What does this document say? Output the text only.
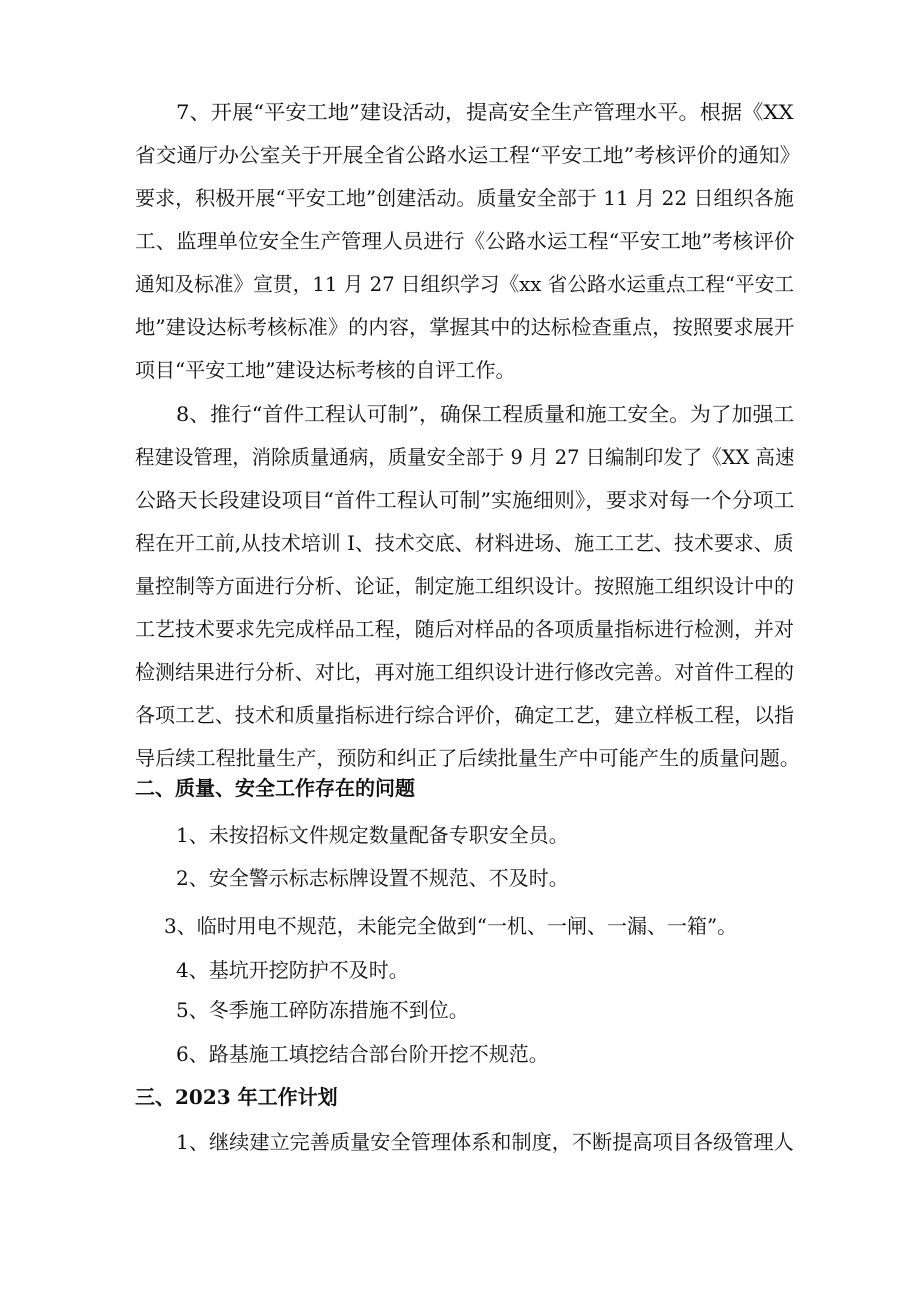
7、开展“平安工地”建设活动，提高安全生产管理水平。根据《XX
省交通厅办公室关于开展全省公路水运工程“平安工地”考核评价的通知》
要求，积极开展“平安工地”创建活动。质量安全部于 11 月 22 日组织各施
工、监理单位安全生产管理人员进行《公路水运工程“平安工地”考核评价
通知及标准》宣贯，11 月 27 日组织学习《xx 省公路水运重点工程“平安工
地”建设达标考核标准》的内容，掌握其中的达标检查重点，按照要求展开
项目“平安工地”建设达标考核的自评工作。
8、推行“首件工程认可制”，确保工程质量和施工安全。为了加强工
程建设管理，消除质量通病，质量安全部于 9 月 27 日编制印发了《XX 高速
公路天长段建设项目“首件工程认可制”实施细则》，要求对每一个分项工
程在开工前,从技术培训 I、技术交底、材料进场、施工工艺、技术要求、质
量控制等方面进行分析、论证，制定施工组织设计。按照施工组织设计中的
工艺技术要求先完成样品工程，随后对样品的各项质量指标进行检测，并对
检测结果进行分析、对比，再对施工组织设计进行修改完善。对首件工程的
各项工艺、技术和质量指标进行综合评价，确定工艺，建立样板工程，以指
导后续工程批量生产，预防和纠正了后续批量生产中可能产生的质量问题。
二、质量、安全工作存在的问题
1、未按招标文件规定数量配备专职安全员。
2、安全警示标志标牌设置不规范、不及时。
3、临时用电不规范，未能完全做到“一机、一闸、一漏、一箱”。
4、基坑开挖防护不及时。
5、冬季施工碎防冻措施不到位。
6、路基施工填挖结合部台阶开挖不规范。
三、2023 年工作计划
1、继续建立完善质量安全管理体系和制度，不断提高项目各级管理人
